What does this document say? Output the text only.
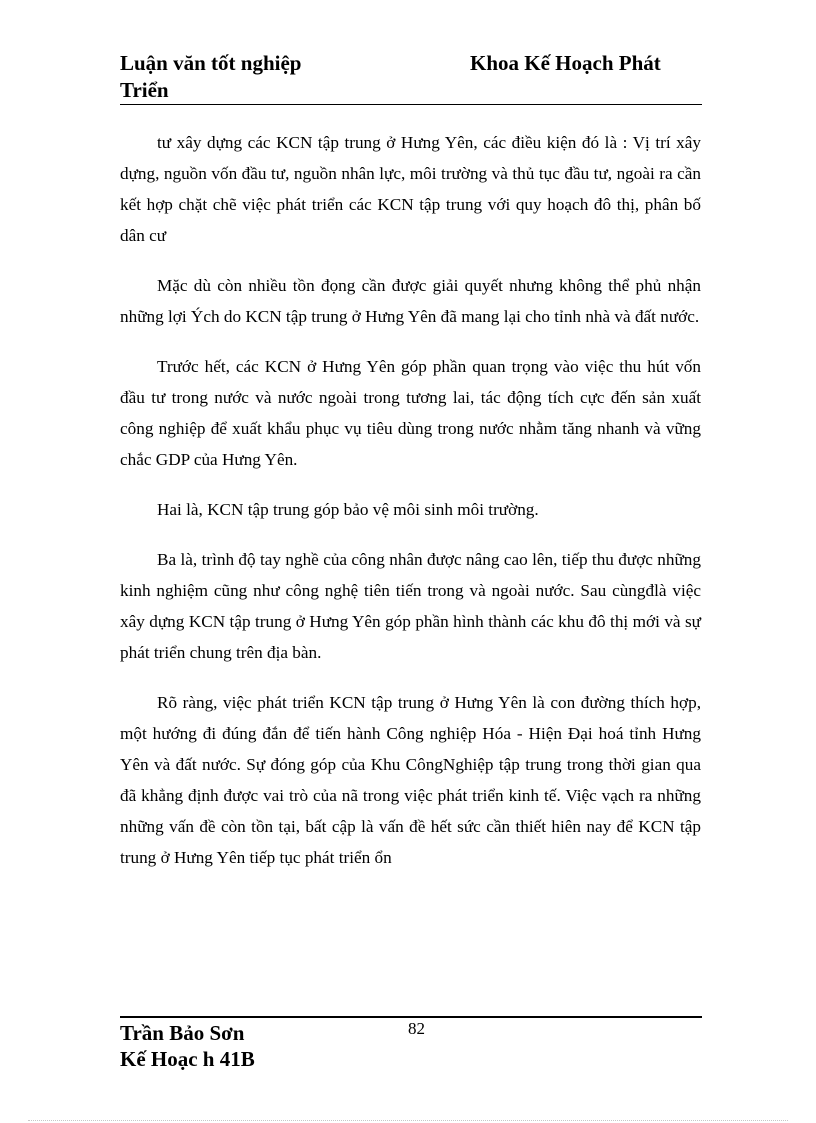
Luận văn tốt nghiệp	Khoa Kế Hoạch Phát
Triển

tư xây dựng các KCN tập trung ở Hưng Yên, các điều kiện đó là : Vị trí xây dựng, nguồn vốn đầu tư, nguồn nhân lực, môi trường và thủ tục đầu tư, ngoài ra cần kết hợp chặt chẽ việc phát triển các KCN tập trung với quy hoạch đô thị, phân bố dân cư

Mặc dù còn nhiều tồn đọng cần được giải quyết nhưng không thể phủ nhận những lợi Ých do KCN tập trung ở Hưng Yên đã mang lại cho tỉnh nhà và đất nước.

Trước hết, các KCN ở Hưng Yên góp phần quan trọng vào việc thu hút vốn đầu tư trong nước và nước ngoài trong tương lai, tác động tích cực đến sản xuất công nghiệp để xuất khẩu phục vụ tiêu dùng trong nước nhằm tăng nhanh và vững chắc GDP của Hưng Yên.

Hai là, KCN tập trung góp bảo vệ môi sinh môi trường.

Ba là, trình độ tay nghề của công nhân được nâng cao lên, tiếp thu được những kinh nghiệm cũng như công nghệ tiên tiến trong và ngoài nước. Sau cùngđlà việc xây dựng KCN tập trung ở Hưng Yên góp phần hình thành các khu đô thị mới và sự phát triển chung trên địa bàn.

Rõ ràng, việc phát triển KCN tập trung ở Hưng Yên là con đường thích hợp, một hướng đi đúng đắn để tiến hành Công nghiệp Hóa - Hiện Đại hoá tỉnh Hưng Yên và đất nước. Sự đóng góp của Khu CôngNghiệp tập trung trong thời gian qua đã khẳng định được vai trò của nã trong việc phát triển kinh tế. Việc vạch ra những những vấn đề còn tồn tại, bất cập là vấn đề hết sức cần thiết hiên nay để KCN tập trung ở Hưng Yên tiếp tục phát triển ổn

Trần Bảo Sơn	82
Kế Hoạc h 41B
